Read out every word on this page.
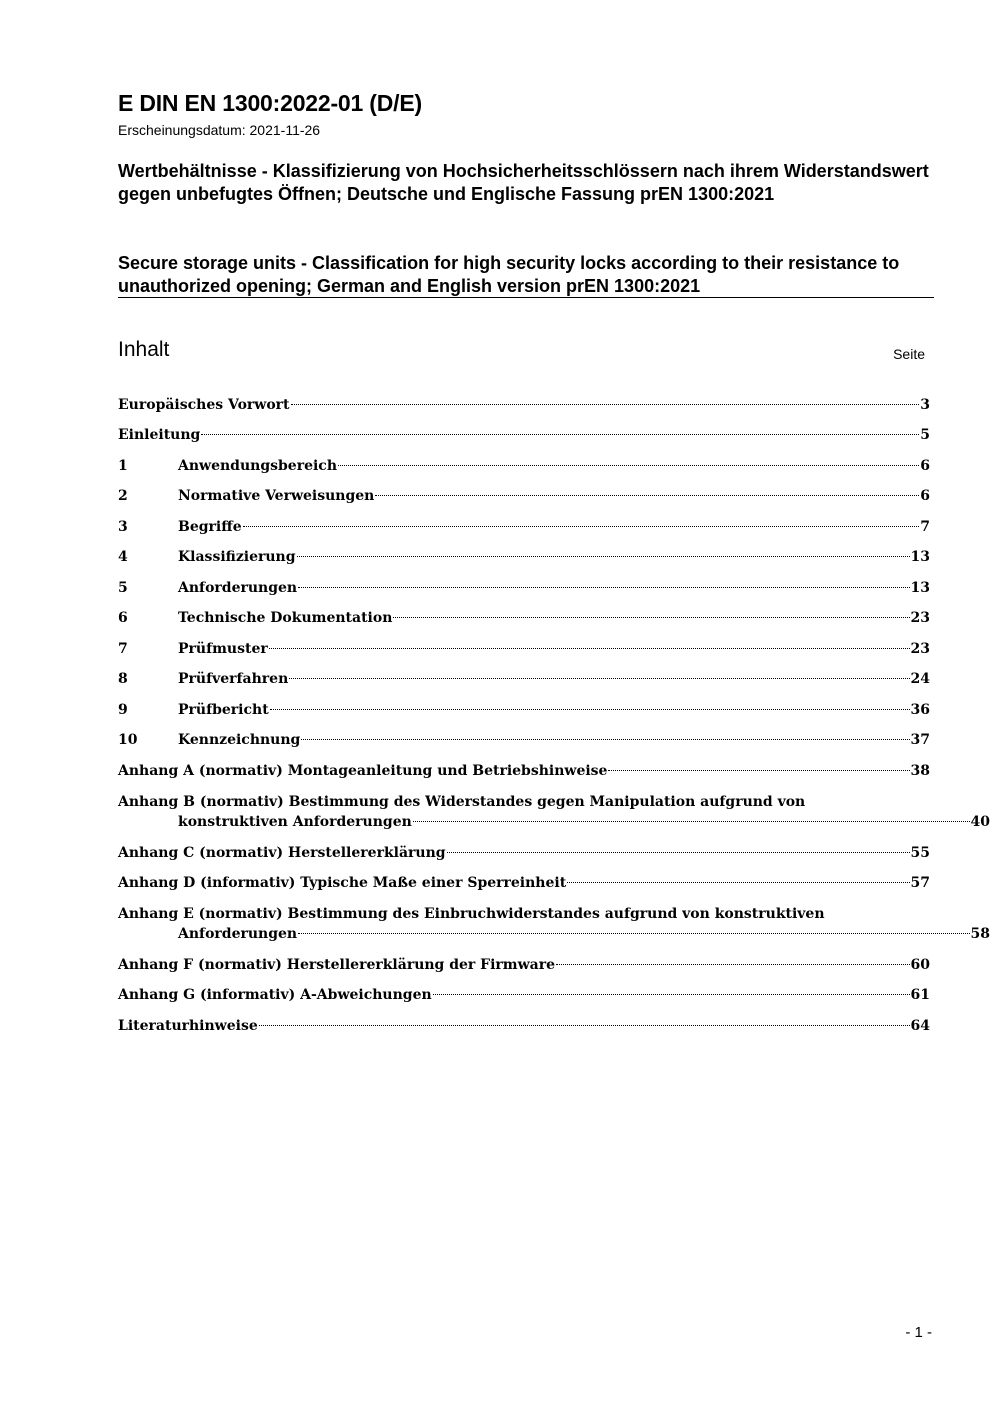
E DIN EN 1300:2022-01 (D/E)
Erscheinungsdatum: 2021-11-26
Wertbehältnisse - Klassifizierung von Hochsicherheitsschlössern nach ihrem Widerstandswert gegen unbefugtes Öffnen; Deutsche und Englische Fassung prEN 1300:2021
Secure storage units - Classification for high security locks according to their resistance to unauthorized opening; German and English version prEN 1300:2021
Inhalt	Seite
Europäisches Vorwort	3
Einleitung	5
1	Anwendungsbereich	6
2	Normative Verweisungen	6
3	Begriffe	7
4	Klassifizierung	13
5	Anforderungen	13
6	Technische Dokumentation	23
7	Prüfmuster	23
8	Prüfverfahren	24
9	Prüfbericht	36
10	Kennzeichnung	37
Anhang A (normativ) Montageanleitung und Betriebshinweise	38
Anhang B (normativ) Bestimmung des Widerstandes gegen Manipulation aufgrund von
konstruktiven Anforderungen	40
Anhang C (normativ) Herstellererklärung	55
Anhang D (informativ) Typische Maße einer Sperreinheit	57
Anhang E (normativ) Bestimmung des Einbruchwiderstandes aufgrund von konstruktiven
Anforderungen	58
Anhang F (normativ) Herstellererklärung der Firmware	60
Anhang G (informativ) A-Abweichungen	61
Literaturhinweise	64
- 1 -
